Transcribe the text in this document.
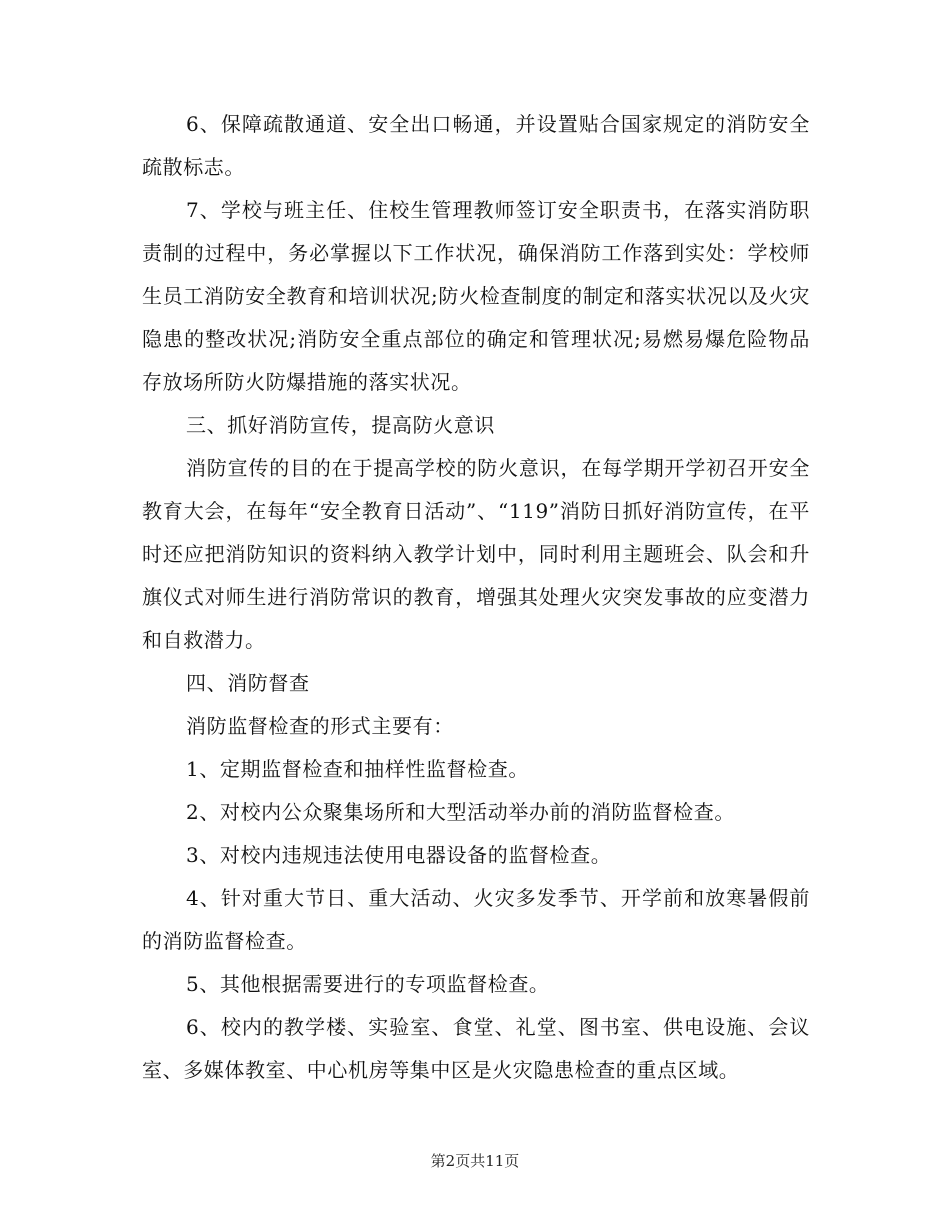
6、保障疏散通道、安全出口畅通，并设置贴合国家规定的消防安全疏散标志。

7、学校与班主任、住校生管理教师签订安全职责书，在落实消防职责制的过程中，务必掌握以下工作状况，确保消防工作落到实处：学校师生员工消防安全教育和培训状况;防火检查制度的制定和落实状况以及火灾隐患的整改状况;消防安全重点部位的确定和管理状况;易燃易爆危险物品存放场所防火防爆措施的落实状况。

三、抓好消防宣传，提高防火意识

消防宣传的目的在于提高学校的防火意识，在每学期开学初召开安全教育大会，在每年“安全教育日活动”、“119”消防日抓好消防宣传，在平时还应把消防知识的资料纳入教学计划中，同时利用主题班会、队会和升旗仪式对师生进行消防常识的教育，增强其处理火灾突发事故的应变潜力和自救潜力。

四、消防督查

消防监督检查的形式主要有：

1、定期监督检查和抽样性监督检查。

2、对校内公众聚集场所和大型活动举办前的消防监督检查。

3、对校内违规违法使用电器设备的监督检查。

4、针对重大节日、重大活动、火灾多发季节、开学前和放寒暑假前的消防监督检查。

5、其他根据需要进行的专项监督检查。

6、校内的教学楼、实验室、食堂、礼堂、图书室、供电设施、会议室、多媒体教室、中心机房等集中区是火灾隐患检查的重点区域。

第2页共11页
